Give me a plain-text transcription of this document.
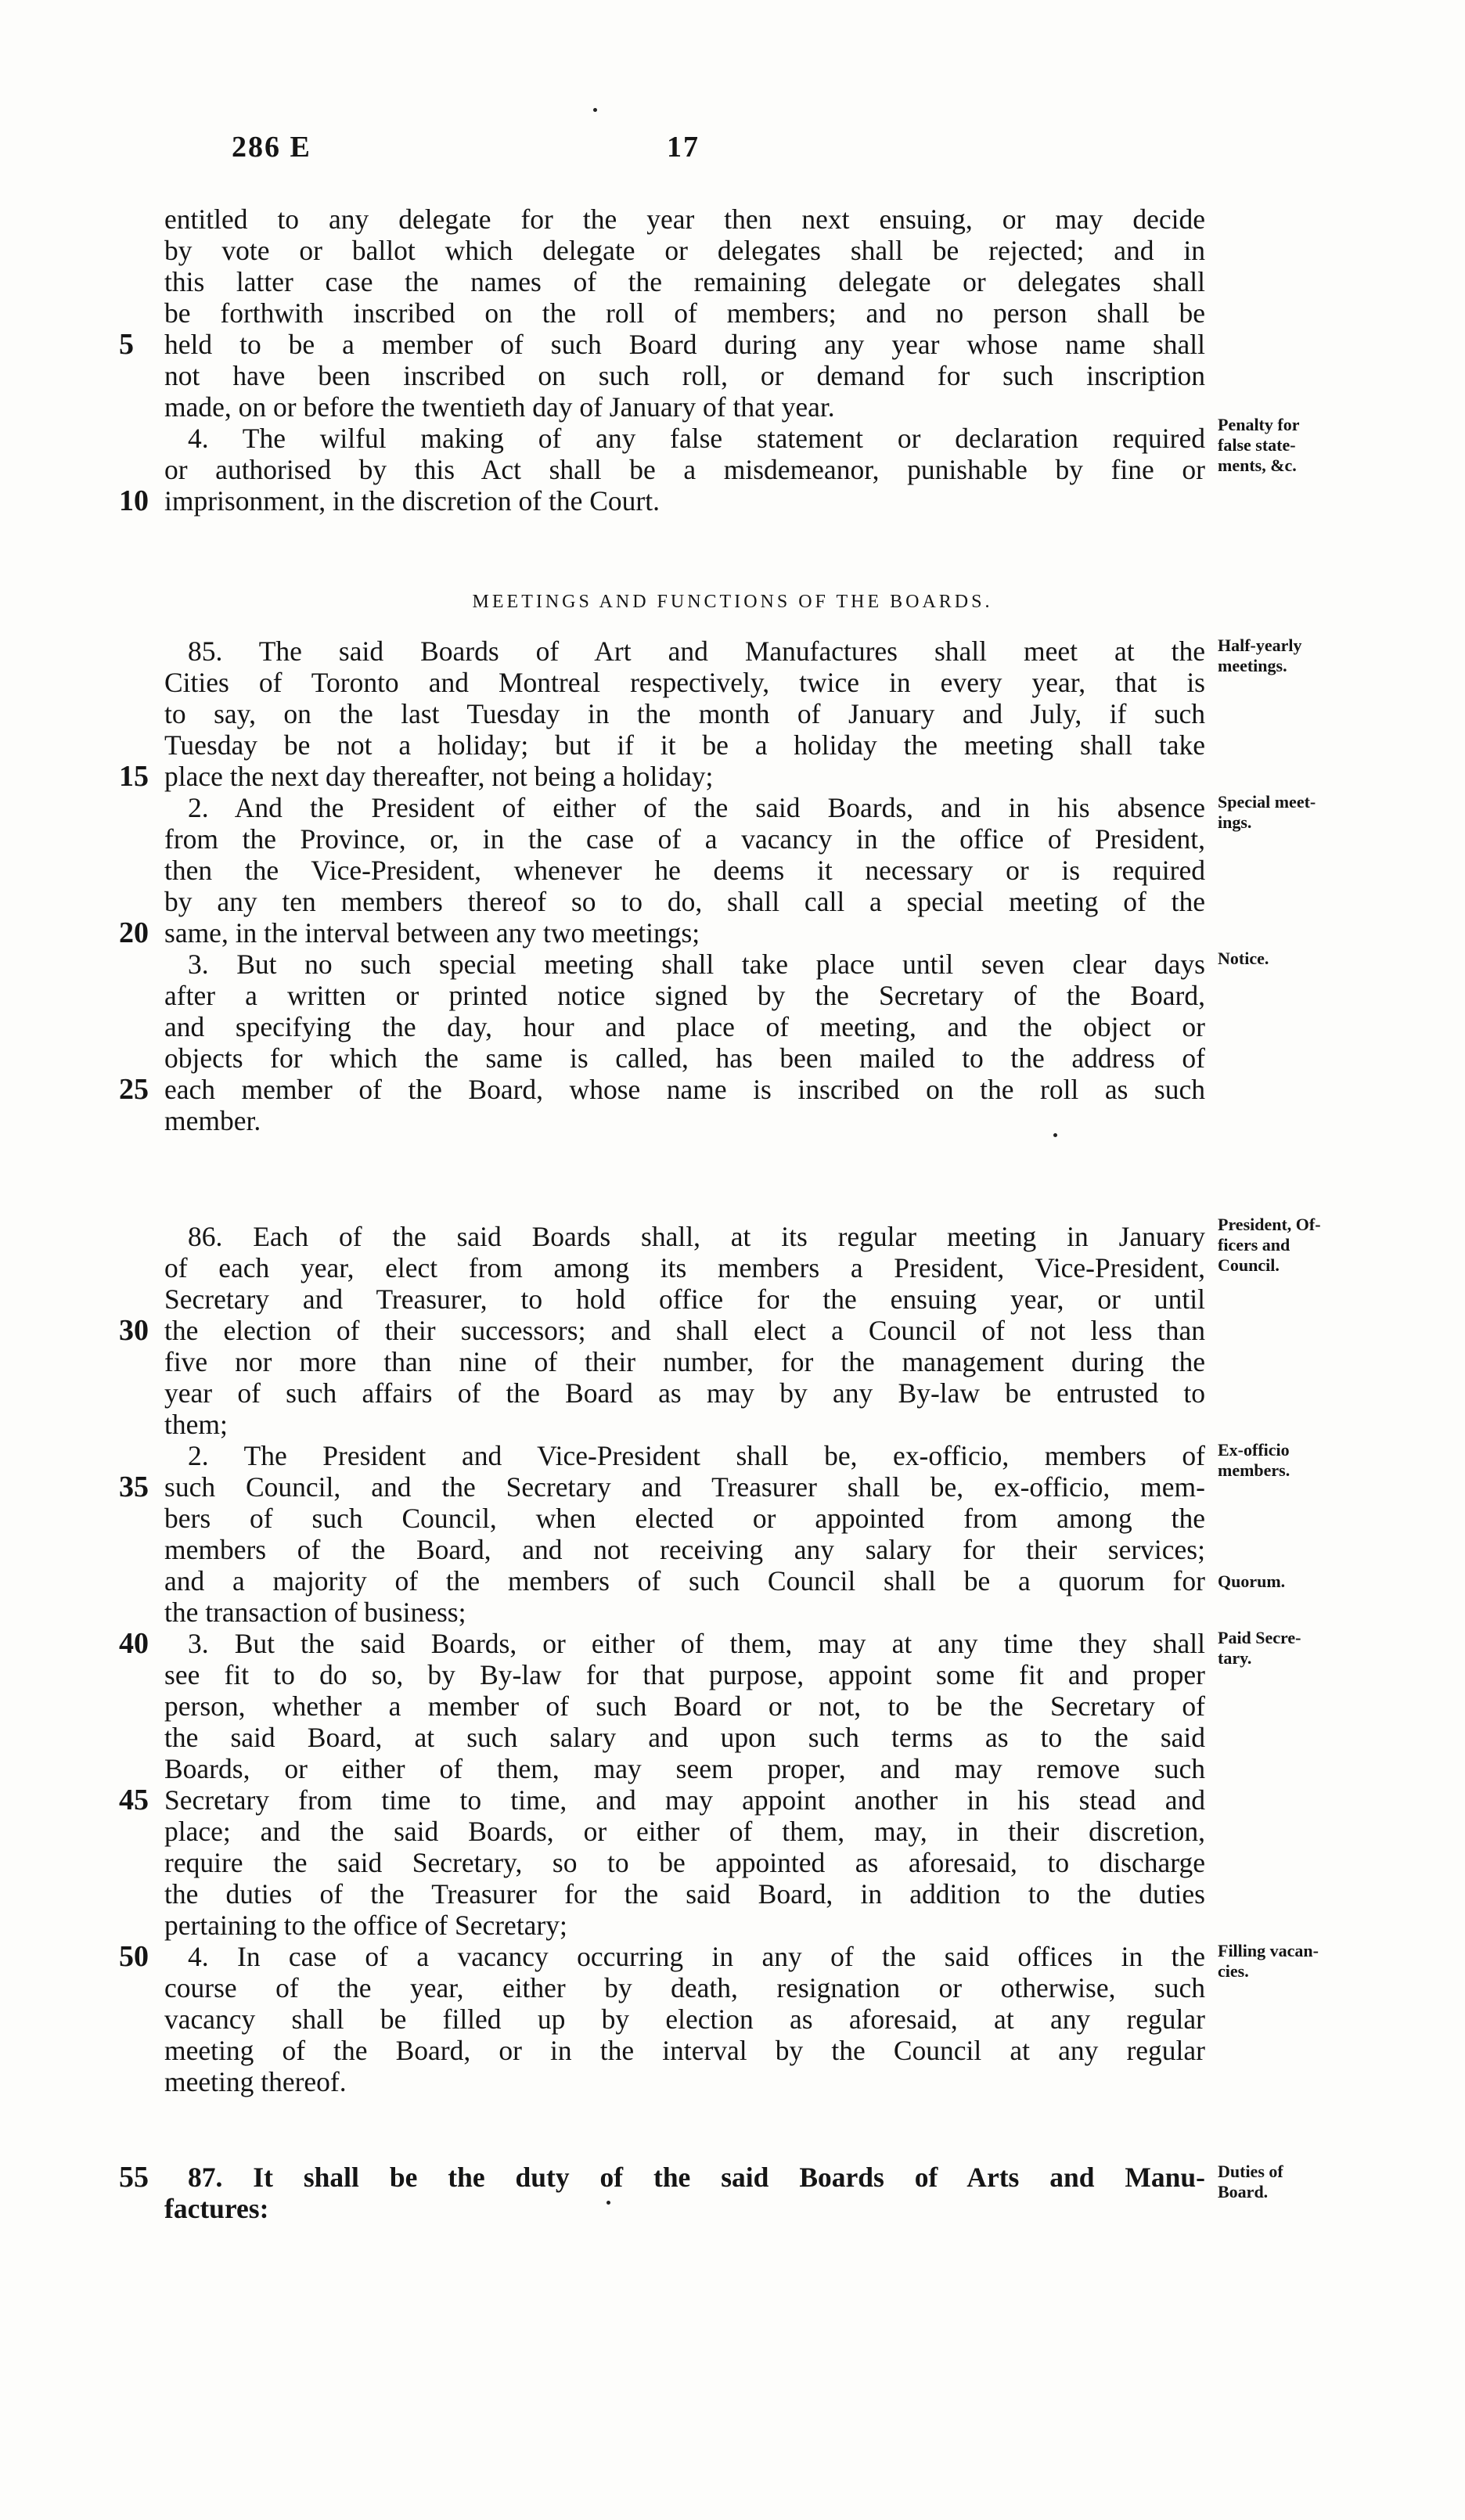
286 E	17
MEETINGS AND FUNCTIONS OF THE BOARDS.
entitled to any delegate for the year then next ensuing, or may decide
by vote or ballot which delegate or delegates shall be rejected; and in
this latter case the names of the remaining delegate or delegates shall
be forthwith inscribed on the roll of members; and no person shall be
held to be a member of such Board during any year whose name shall
not have been inscribed on such roll, or demand for such inscription
made, on or before the twentieth day of January of that year.
4. The wilful making of any false statement or declaration required
or authorised by this Act shall be a misdemeanor, punishable by fine or
imprisonment, in the discretion of the Court.
85. The said Boards of Art and Manufactures shall meet at the
Cities of Toronto and Montreal respectively, twice in every year, that is
to say, on the last Tuesday in the month of January and July, if such
Tuesday be not a holiday; but if it be a holiday the meeting shall take
place the next day thereafter, not being a holiday;
2. And the President of either of the said Boards, and in his absence
from the Province, or, in the case of a vacancy in the office of President,
then the Vice-President, whenever he deems it necessary or is required
by any ten members thereof so to do, shall call a special meeting of the
same, in the interval between any two meetings;
3. But no such special meeting shall take place until seven clear days
after a written or printed notice signed by the Secretary of the Board,
and specifying the day, hour and place of meeting, and the object or
objects for which the same is called, has been mailed to the address of
each member of the Board, whose name is inscribed on the roll as such
member.
86. Each of the said Boards shall, at its regular meeting in January
of each year, elect from among its members a President, Vice-President,
Secretary and Treasurer, to hold office for the ensuing year, or until
the election of their successors; and shall elect a Council of not less than
five nor more than nine of their number, for the management during the
year of such affairs of the Board as may by any By-law be entrusted to
them;
2. The President and Vice-President shall be, ex-officio, members of
such Council, and the Secretary and Treasurer shall be, ex-officio, mem-
bers of such Council, when elected or appointed from among the
members of the Board, and not receiving any salary for their services;
and a majority of the members of such Council shall be a quorum for
the transaction of business;
3. But the said Boards, or either of them, may at any time they shall
see fit to do so, by By-law for that purpose, appoint some fit and proper
person, whether a member of such Board or not, to be the Secretary of
the said Board, at such salary and upon such terms as to the said
Boards, or either of them, may seem proper, and may remove such
Secretary from time to time, and may appoint another in his stead and
place; and the said Boards, or either of them, may, in their discretion,
require the said Secretary, so to be appointed as aforesaid, to discharge
the duties of the Treasurer for the said Board, in addition to the duties
pertaining to the office of Secretary;
4. In case of a vacancy occurring in any of the said offices in the
course of the year, either by death, resignation or otherwise, such
vacancy shall be filled up by election as aforesaid, at any regular
meeting of the Board, or in the interval by the Council at any regular
meeting thereof.
87. It shall be the duty of the said Boards of Arts and Manu-
factures:
5
10
15
20
25
30
35
40
45
50
55
Penalty for
false state-
ments, &c.
Half-yearly
meetings.
Special meet-
ings.
Notice.
President, Of-
ficers and
Council.
Ex-officio
members.
Quorum.
Paid Secre-
tary.
Filling vacan-
cies.
Duties of
Board.
